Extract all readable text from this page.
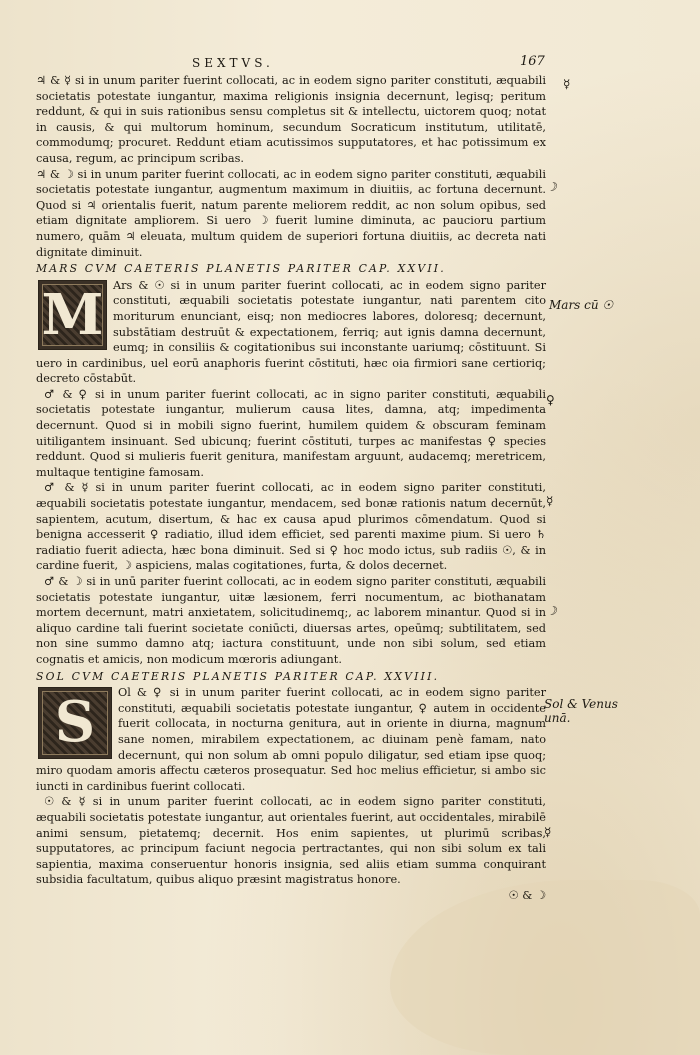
SEXTVS.	167

♃ & ☿ si in unum pariter fuerint collocati, ac in eodem signo pariter constituti, æquabili societatis potestate iungantur, maxima religionis insignia decernunt, legisq; peritum reddunt, & qui in suis rationibus sensu completus sit & intellectu, uictorem quoq; notat in causis, & qui multorum hominum, secundum Socraticum institutum, utilitatē, commodumq; procuret. Reddunt etiam acutissimos supputatores, et hac potissimum ex causa, regum, ac principum scribas.

♃ & ☽ si in unum pariter fuerint collocati, ac in eodem signo pariter constituti, æquabili societatis potestate iungantur, augmentum maximum in diuitiis, ac fortuna decernunt. Quod si ♃ orientalis fuerit, natum parente meliorem reddit, ac non solum opibus, sed etiam dignitate ampliorem. Si uero ☽ fuerit lumine diminuta, ac paucioru partium numero, quām ♃ eleuata, multum quidem de superiori fortuna diuitiis, ac decreta nati dignitate diminuit.

MARS CVM CAETERIS PLANETIS PARITER CAP. XXVII.
M Ars & ☉ si in unum pariter fuerint collocati, ac in eodem signo pariter constituti, æquabili societatis potestate iungantur, nati parentem cito moriturum enunciant, eisq; non mediocres labores, doloresq; decernunt, substātiam destruūt & expectationem, ferriq; aut ignis damna decernunt, eumq; in consiliis & cogitationibus sui inconstante uariumq; cōstituunt. Si uero in cardinibus, uel eorū anaphoris fuerint cōstituti, hæc oia firmiori sane certioriq; decreto cōstabūt.

♂ & ♀ si in unum pariter fuerint collocati, ac in signo pariter constituti, æquabili societatis potestate iungantur, mulierum causa lites, damna, atq; impedimenta decernunt. Quod si in mobili signo fuerint, humilem quidem & obscuram feminam uitiligantem insinuant. Sed ubicunq; fuerint cōstituti, turpes ac manifestas ♀ species reddunt. Quod si mulieris fuerit genitura, manifestam arguunt, audacemq; meretricem, multaque tentigine famosam.

♂ & ☿ si in unum pariter fuerint collocati, ac in eodem signo pariter constituti, æquabili societatis potestate iungantur, mendacem, sed bonæ rationis natum decernūt, sapientem, acutum, disertum, & hac ex causa apud plurimos cōmendatum. Quod si benigna accesserit ♀ radiatio, illud idem efficiet, sed parenti maxime pium. Si uero ♄ radiatio fuerit adiecta, hæc bona diminuit. Sed si ♀ hoc modo ictus, sub radiis ☉, & in cardine fuerit, ☽ aspiciens, malas cogitationes, furta, & dolos decernet.

♂ & ☽ si in unū pariter fuerint collocati, ac in eodem signo pariter constituti, æquabili societatis potestate iungantur, uitæ læsionem, ferri nocumentum, ac biothanatam mortem decernunt, matri anxietatem, solicitudinemq;, ac laborem minantur. Quod si in aliquo cardine tali fuerint societate coniūcti, diuersas artes, opeūmq; subtilitatem, sed non sine summo damno atq; iactura constituunt, unde non sibi solum, sed etiam cognatis et amicis, non modicum mœroris adiungant.

SOL CVM CAETERIS PLANETIS PARITER CAP. XXVIII.
S	Ol & ♀ si in unum pariter fuerint collocati, ac in eodem signo pariter constituti, æquabili societatis potestate iungantur, ♀ autem in occidente fuerit collocata, in nocturna genitura, aut in oriente in diurna, magnum sane nomen, mirabilem expectationem, ac diuinam penè famam, nato decernunt, qui non solum ab omni populo diligatur, sed etiam ipse quoq; miro quodam amoris affectu cæteros prosequatur. Sed hoc melius efficietur, si ambo sic iuncti in cardinibus fuerint collocati.

☉ & ☿ si in unum pariter fuerint collocati, ac in eodem signo pariter constituti, æquabili societatis potestate iungantur, aut orientales fuerint, aut occidentales, mirabilē animi sensum, pietatemq; decernit. Hos enim sapientes, ut plurimū scribas, supputatores, ac principum faciunt negocia pertractantes, qui non sibi solum ex tali sapientia, maxima conseruentur honoris insignia, sed aliis etiam summa conquirant subsidia facultatum, quibus aliquo præsint magistratus honore.

☉ & ☽
☿
☽
Mars cū ☉
♀
☿
☽
Sol & Venus unā.
☿
